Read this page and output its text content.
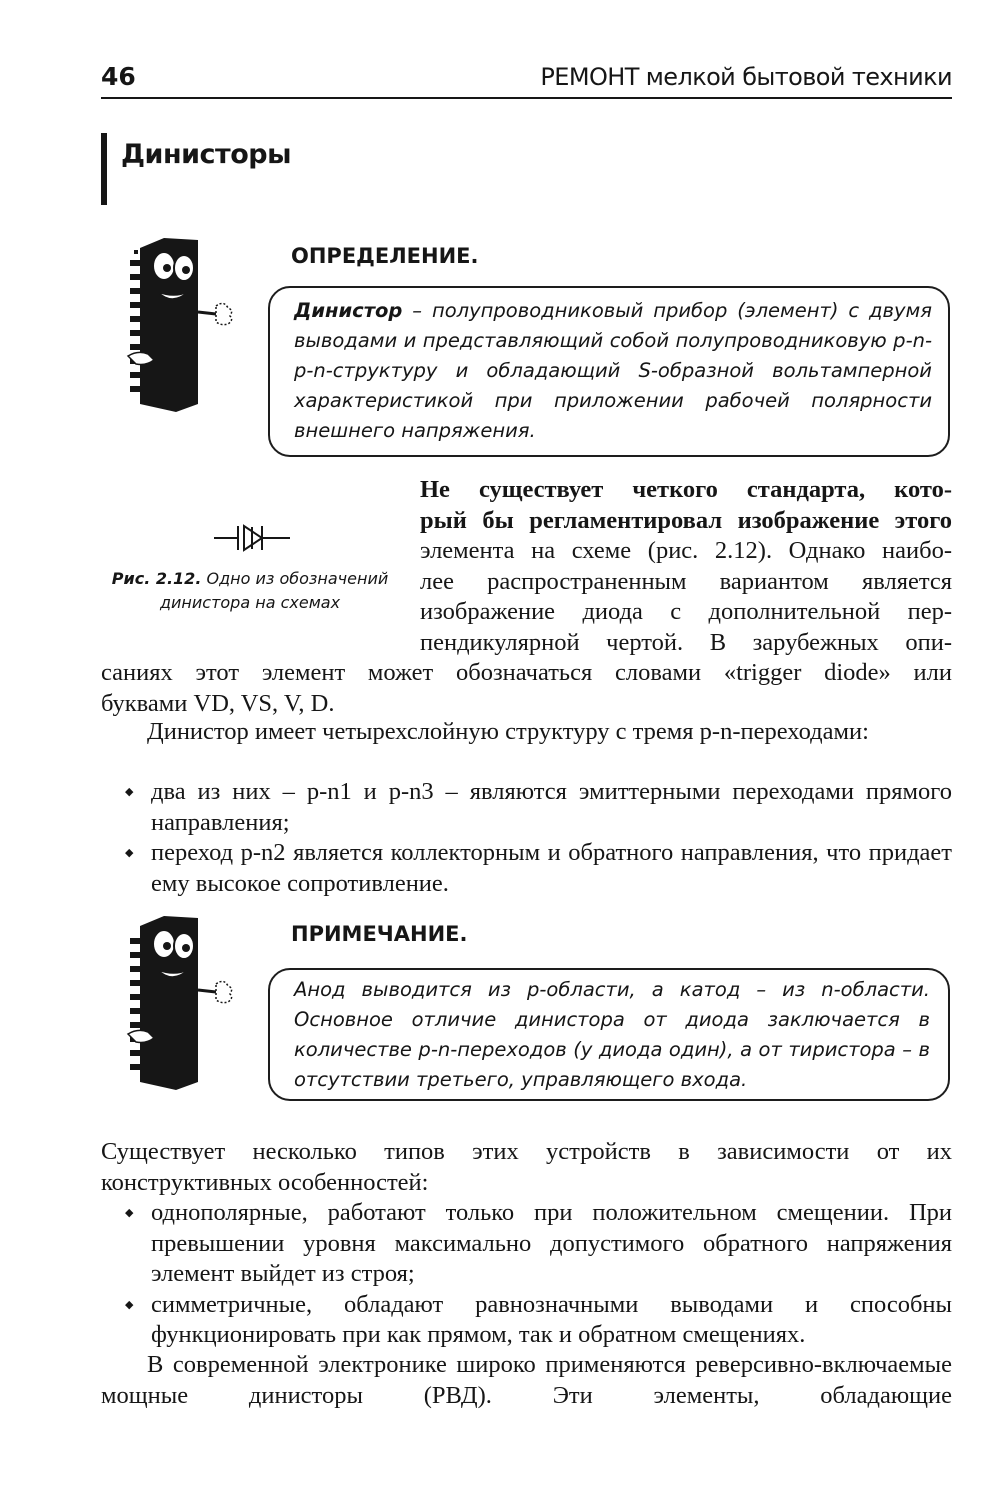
46	РЕМОНТ мелкой бытовой техники
Динисторы
ОПРЕДЕЛЕНИЕ.

Динистор – полупроводниковый прибор (элемент) с двумя выводами и представляющий собой полупроводниковую p-n-p-n-структуру и обладающий S-образной вольтамперной характеристикой при приложении рабочей полярности внешнего напряжения.

Рис. 2.12. Одно из обозначений динистора на схемах
Не существует четкого стандарта, кото-
рый бы регламентировал изображение этого
элемента на схеме (рис. 2.12). Однако наибо-
лее распространенным вариантом является
изображение диода с дополнительной пер-
пендикулярной чертой. В зарубежных опи-
саниях этот элемент может обозначаться словами «trigger diode» или
буквами VD, VS, V, D.

Динистор имеет четырехслойную структуру с тремя p-n-переходами:

◆ два из них – p-n1 и p-n3 – являются эмиттерными переходами прямого направления;
◆ переход p-n2 является коллекторным и обратного направления, что придает ему высокое сопротивление.
ПРИМЕЧАНИЕ.

Анод выводится из p-области, а катод – из n-области. Основное отличие динистора от диода заключается в количестве p-n-переходов (у диода один), а от тиристора – в отсутствии третьего, управляющего входа.

Существует несколько типов этих устройств в зависимости от их конструктивных особенностей:

◆ однополярные, работают только при положительном смещении. При превышении уровня максимально допустимого обратного напряжения элемент выйдет из строя;
◆ симметричные, обладают равнозначными выводами и способны функционировать при как прямом, так и обратном смещениях.

В современной электронике широко применяются реверсивно-включаемые мощные динисторы (РВД). Эти элементы, обладающие
